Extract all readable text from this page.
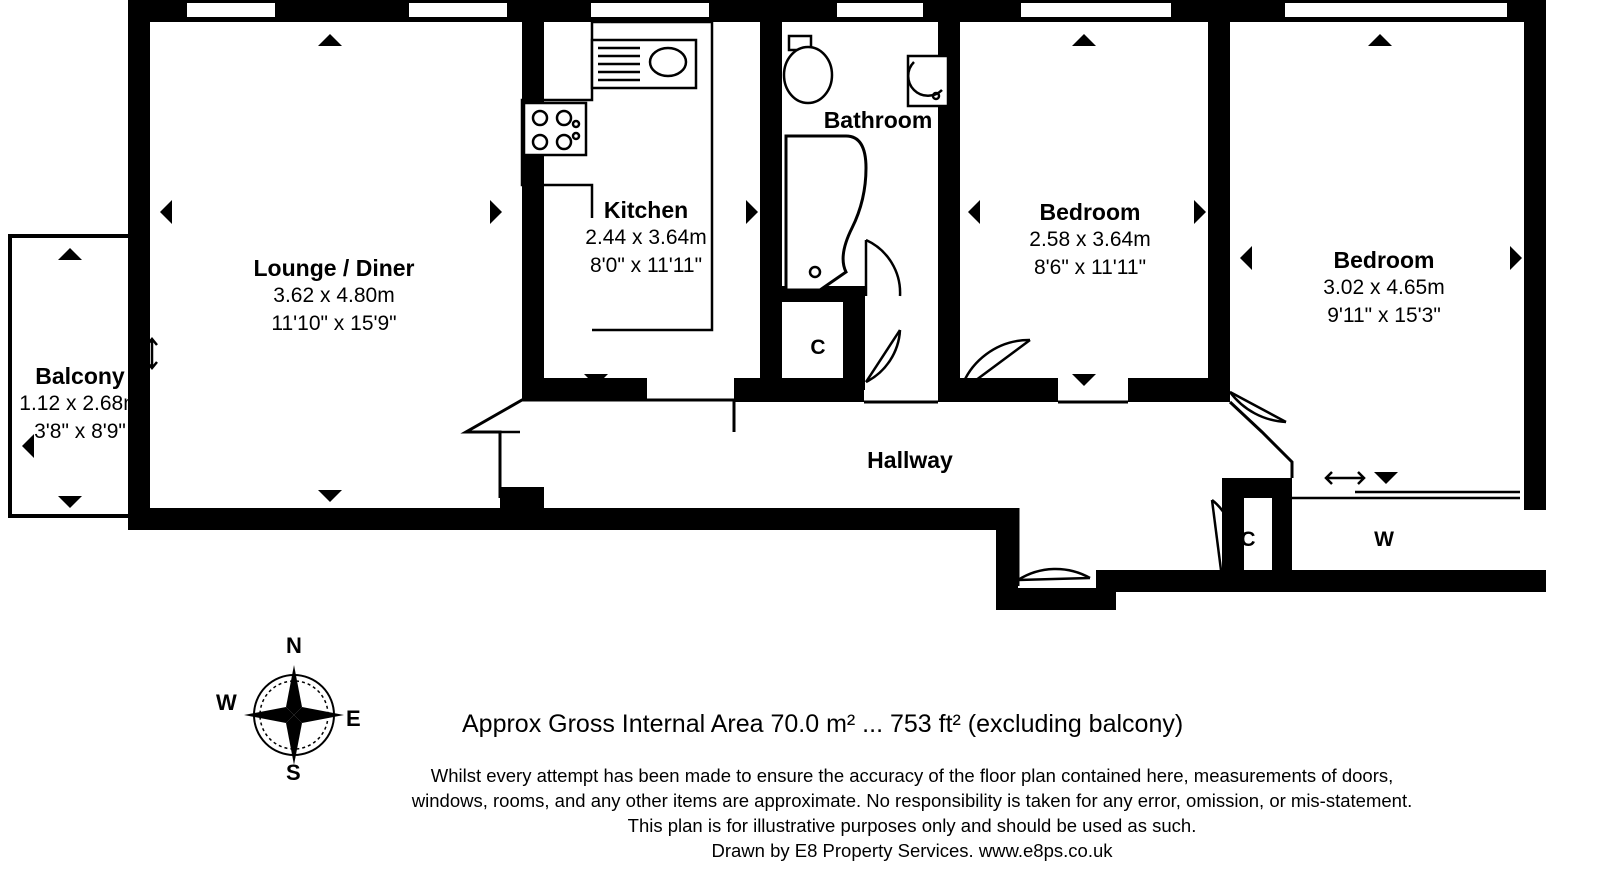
Lounge / Diner
3.62 x 4.80m
11'10" x 15'9"
Kitchen
2.44 x 3.64m
8'0" x 11'11"
Bathroom
Bedroom
2.58 x 3.64m
8'6" x 11'11"	Bedroom
3.02 x 4.65m
9'11" x 15'3"
Balcony
1.12 x 2.68m
3'8" x 8'9"
Hallway
C
C	W
N
S
E
W
Approx Gross Internal Area 70.0 m² ... 753 ft² (excluding balcony)
Whilst every attempt has been made to ensure the accuracy of the floor plan contained here, measurements of doors,
windows, rooms, and any other items are approximate. No responsibility is taken for any error, omission, or mis-statement.
This plan is for illustrative purposes only and should be used as such.
Drawn by E8 Property Services. www.e8ps.co.uk
